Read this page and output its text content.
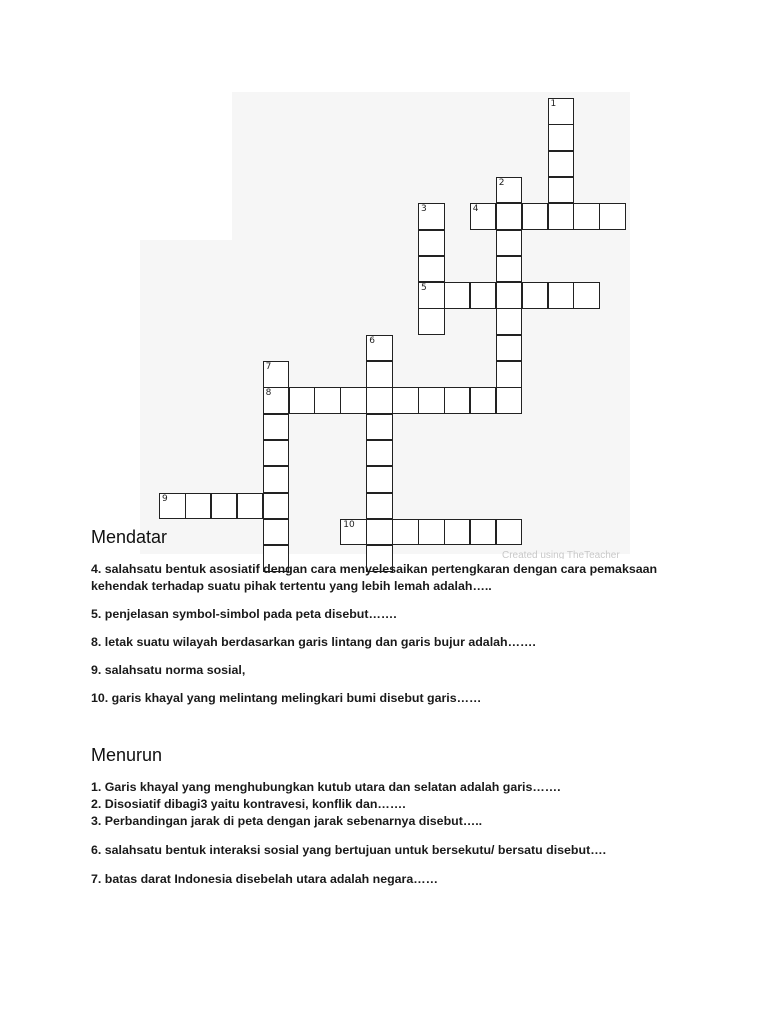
1
2
3
5
4
6
7
8
9
10
Created using TheTeacher
Mendatar

4. salahsatu bentuk asosiatif dengan cara menyelesaikan pertengkaran dengan cara pemaksaan kehendak terhadap suatu pihak tertentu yang lebih lemah adalah…..

5. penjelasan symbol-simbol pada peta disebut…….

8. letak suatu wilayah berdasarkan garis lintang dan garis bujur adalah…….

9. salahsatu norma sosial,

10. garis khayal yang melintang melingkari bumi disebut garis……

Menurun

1. Garis khayal yang menghubungkan kutub utara dan selatan adalah garis…….

2. Disosiatif dibagi3 yaitu kontravesi, konflik dan…….

3. Perbandingan jarak di peta dengan jarak sebenarnya disebut…..

6. salahsatu bentuk interaksi sosial yang bertujuan untuk bersekutu/ bersatu disebut….

7. batas darat Indonesia disebelah utara adalah negara……
